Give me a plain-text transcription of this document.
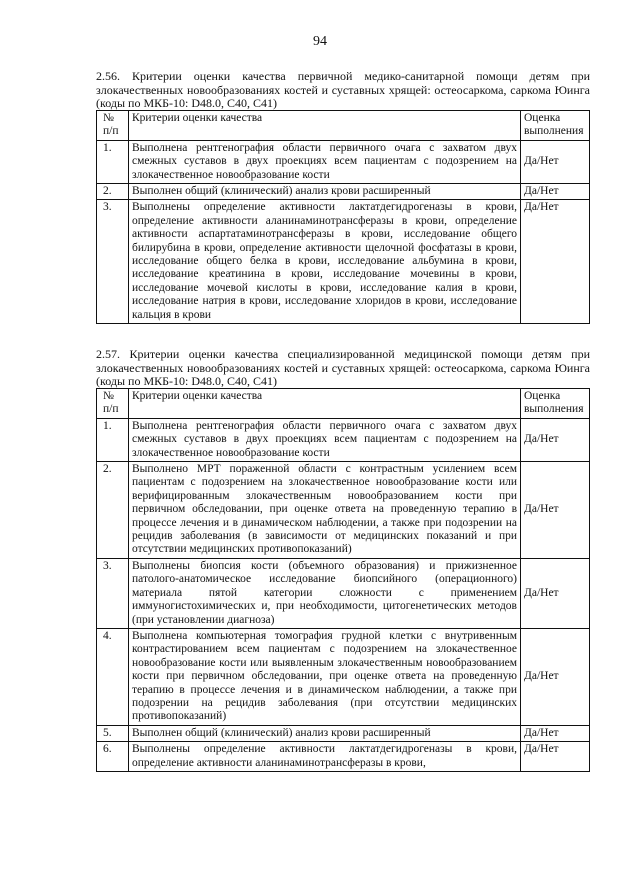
94
2.56. Критерии оценки качества первичной медико-санитарной помощи детям при злокачественных новообразованиях костей и суставных хрящей: остеосаркома, саркома Юинга (коды по МКБ-10: D48.0, C40, C41)
№ п/п	Критерии оценки качества	Оценка выполнения
1.	Выполнена рентгенография области первичного очага с захватом двух смежных суставов в двух проекциях всем пациентам с подозрением на злокачественное новообразование кости	Да/Нет
2.	Выполнен общий (клинический) анализ крови расширенный	Да/Нет
3.	Выполнены определение активности лактатдегидрогеназы в крови, определение активности аланинаминотрансферазы в крови, определение активности аспартатаминотрансферазы в крови, исследование общего билирубина в крови, определение активности щелочной фосфатазы в крови, исследование общего белка в крови, исследование альбумина в крови, исследование креатинина в крови, исследование мочевины в крови, исследование мочевой кислоты в крови, исследование калия в крови, исследование натрия в крови, исследование хлоридов в крови, исследование кальция в крови	Да/Нет
2.57. Критерии оценки качества специализированной медицинской помощи детям при злокачественных новообразованиях костей и суставных хрящей: остеосаркома, саркома Юинга (коды по МКБ-10: D48.0, C40, C41)
№ п/п	Критерии оценки качества	Оценка выполнения
1.	Выполнена рентгенография области первичного очага с захватом двух смежных суставов в двух проекциях всем пациентам с подозрением на злокачественное новообразование кости	Да/Нет
2.	Выполнено МРТ пораженной области с контрастным усилением всем пациентам с подозрением на злокачественное новообразование кости или верифицированным злокачественным новообразованием кости при первичном обследовании, при оценке ответа на проведенную терапию в процессе лечения и в динамическом наблюдении, а также при подозрении на рецидив заболевания (в зависимости от медицинских показаний и при отсутствии медицинских противопоказаний)	Да/Нет
3.	Выполнены биопсия кости (объемного образования) и прижизненное патолого-анатомическое исследование биопсийного (операционного) материала пятой категории сложности с применением иммуногистохимических и, при необходимости, цитогенетических методов (при установлении диагноза)	Да/Нет
4.	Выполнена компьютерная томография грудной клетки с внутривенным контрастированием всем пациентам с подозрением на злокачественное новообразование кости или выявленным злокачественным новообразованием кости при первичном обследовании, при оценке ответа на проведенную терапию в процессе лечения и в динамическом наблюдении, а также при подозрении на рецидив заболевания (при отсутствии медицинских противопоказаний)	Да/Нет
5.	Выполнен общий (клинический) анализ крови расширенный	Да/Нет
6.	Выполнены определение активности лактатдегидрогеназы в крови, определение активности аланинаминотрансферазы в крови,	Да/Нет
